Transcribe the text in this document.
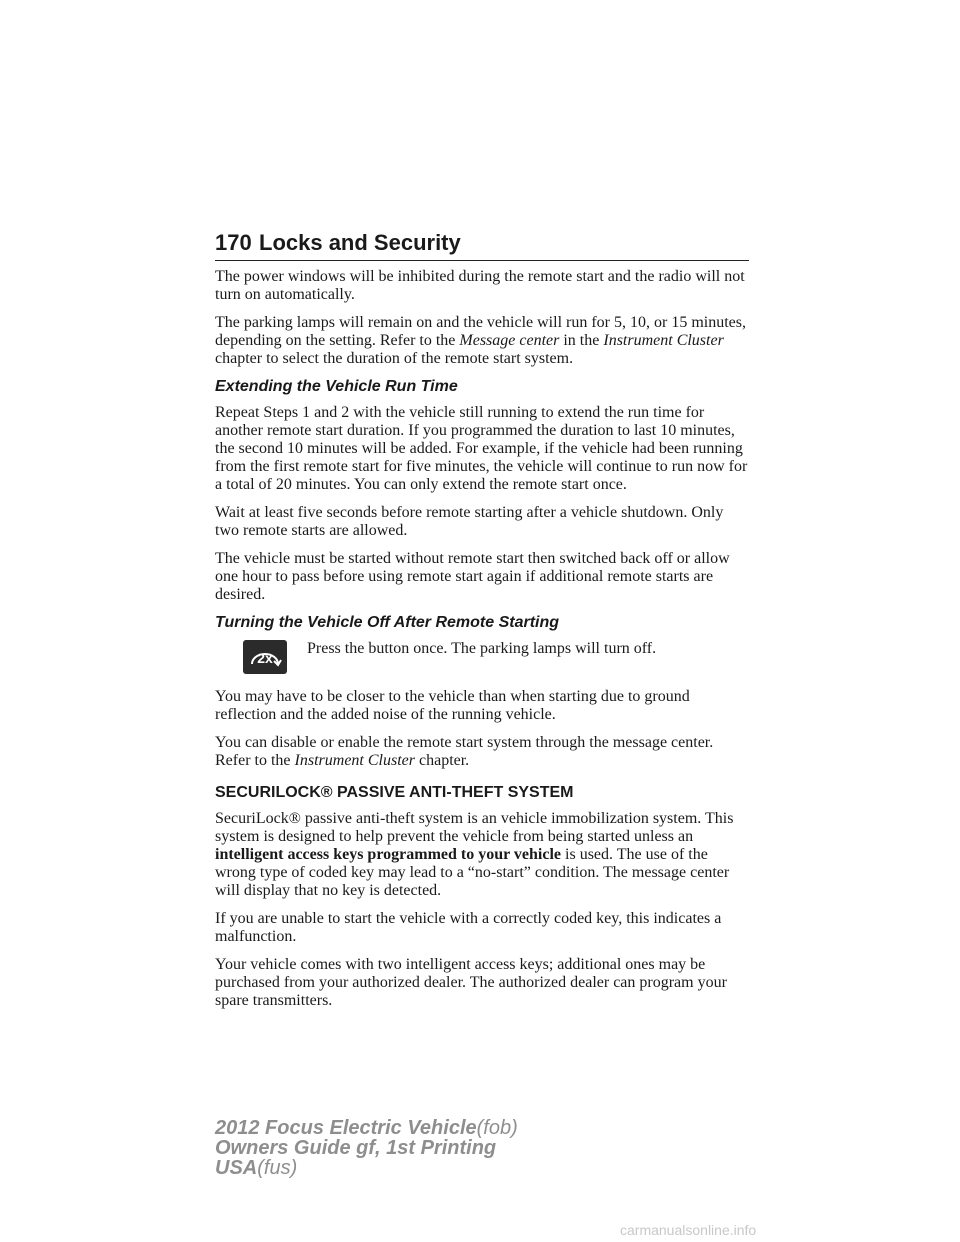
170 Locks and Security

The power windows will be inhibited during the remote start and the radio will not turn on automatically.

The parking lamps will remain on and the vehicle will run for 5, 10, or 15 minutes, depending on the setting. Refer to the Message center in the Instrument Cluster chapter to select the duration of the remote start system.

Extending the Vehicle Run Time

Repeat Steps 1 and 2 with the vehicle still running to extend the run time for another remote start duration. If you programmed the duration to last 10 minutes, the second 10 minutes will be added. For example, if the vehicle had been running from the first remote start for five minutes, the vehicle will continue to run now for a total of 20 minutes. You can only extend the remote start once.

Wait at least five seconds before remote starting after a vehicle shutdown. Only two remote starts are allowed.

The vehicle must be started without remote start then switched back off or allow one hour to pass before using remote start again if additional remote starts are desired.

Turning the Vehicle Off After Remote Starting
2x
Press the button once. The parking lamps will turn off.

You may have to be closer to the vehicle than when starting due to ground reflection and the added noise of the running vehicle.

You can disable or enable the remote start system through the message center. Refer to the Instrument Cluster chapter.

SECURILOCK® PASSIVE ANTI-THEFT SYSTEM

SecuriLock® passive anti-theft system is an vehicle immobilization system. This system is designed to help prevent the vehicle from being started unless an intelligent access keys programmed to your vehicle is used. The use of the wrong type of coded key may lead to a “no-start” condition. The message center will display that no key is detected.

If you are unable to start the vehicle with a correctly coded key, this indicates a malfunction.

Your vehicle comes with two intelligent access keys; additional ones may be purchased from your authorized dealer. The authorized dealer can program your spare transmitters.

2012 Focus Electric Vehicle(fob)
Owners Guide gf, 1st Printing
USA(fus)
carmanualsonline.info
